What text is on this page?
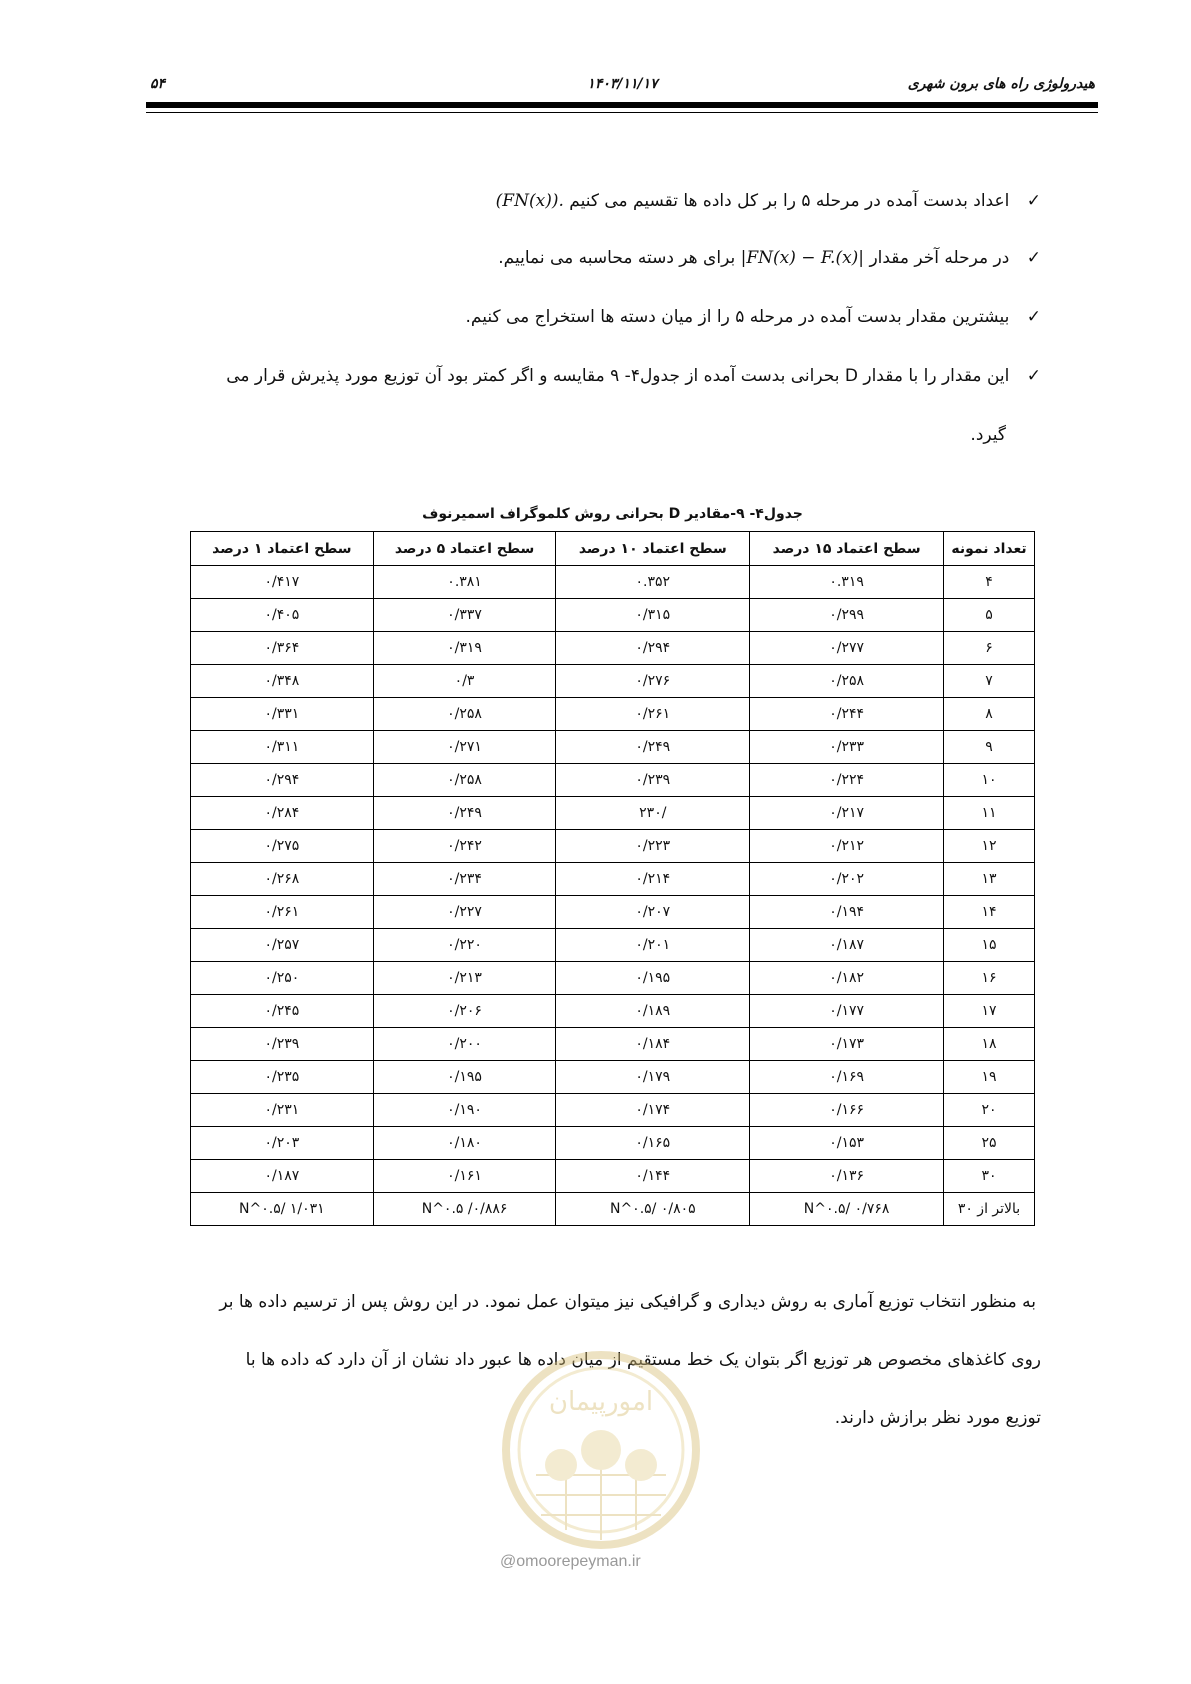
۵۴	۱۴۰۳/۱۱/۱۷	هیدرولوژی راه های برون شهری
✓ اعداد بدست آمده در مرحله ۵ را بر کل داده ها تقسیم می کنیم (FN(x)).
✓ در مرحله آخر مقدار |FN(x) − F.(x)| برای هر دسته محاسبه می نماییم.
✓ بیشترین مقدار بدست آمده در مرحله ۵ را از میان دسته ها استخراج می کنیم.
✓ این مقدار را با مقدار D بحرانی بدست آمده از جدول۴- ۹ مقایسه و اگر کمتر بود آن توزیع مورد پذیرش قرار می
گیرد.
جدول۴- ۹-مقادیر D بحرانی روش کلموگراف اسمیرنوف
تعداد نمونه	سطح اعتماد ۱۵ درصد	سطح اعتماد ۱۰ درصد	سطح اعتماد ۵ درصد	سطح اعتماد ۱ درصد
۴	۰.۳۱۹	۰.۳۵۲	۰.۳۸۱	۰/۴۱۷
۵	۰/۲۹۹	۰/۳۱۵	۰/۳۳۷	۰/۴۰۵
۶	۰/۲۷۷	۰/۲۹۴	۰/۳۱۹	۰/۳۶۴
۷	۰/۲۵۸	۰/۲۷۶	۰/۳	۰/۳۴۸
۸	۰/۲۴۴	۰/۲۶۱	۰/۲۵۸	۰/۳۳۱
۹	۰/۲۳۳	۰/۲۴۹	۰/۲۷۱	۰/۳۱۱
۱۰	۰/۲۲۴	۰/۲۳۹	۰/۲۵۸	۰/۲۹۴
۱۱	۰/۲۱۷	/۲۳۰	۰/۲۴۹	۰/۲۸۴
۱۲	۰/۲۱۲	۰/۲۲۳	۰/۲۴۲	۰/۲۷۵
۱۳	۰/۲۰۲	۰/۲۱۴	۰/۲۳۴	۰/۲۶۸
۱۴	۰/۱۹۴	۰/۲۰۷	۰/۲۲۷	۰/۲۶۱
۱۵	۰/۱۸۷	۰/۲۰۱	۰/۲۲۰	۰/۲۵۷
۱۶	۰/۱۸۲	۰/۱۹۵	۰/۲۱۳	۰/۲۵۰
۱۷	۰/۱۷۷	۰/۱۸۹	۰/۲۰۶	۰/۲۴۵
۱۸	۰/۱۷۳	۰/۱۸۴	۰/۲۰۰	۰/۲۳۹
۱۹	۰/۱۶۹	۰/۱۷۹	۰/۱۹۵	۰/۲۳۵
۲۰	۰/۱۶۶	۰/۱۷۴	۰/۱۹۰	۰/۲۳۱
۲۵	۰/۱۵۳	۰/۱۶۵	۰/۱۸۰	۰/۲۰۳
۳۰	۰/۱۳۶	۰/۱۴۴	۰/۱۶۱	۰/۱۸۷
بالاتر از ۳۰	۰/۷۶۸ /N^۰.۵	۰/۸۰۵ /N^۰.۵	۰/۸۸۶/ N^۰.۵	۱/۰۳۱ /N^۰.۵
به منظور انتخاب توزیع آماری به روش دیداری و گرافیکی نیز میتوان عمل نمود. در این روش پس از ترسیم داده ها بر
روی کاغذهای مخصوص هر توزیع اگر بتوان یک خط مستقیم از میان داده ها عبور داد نشان از آن دارد که داده ها با
توزیع مورد نظر برازش دارند.
امورپیمان
@omoorepeyman.ir
